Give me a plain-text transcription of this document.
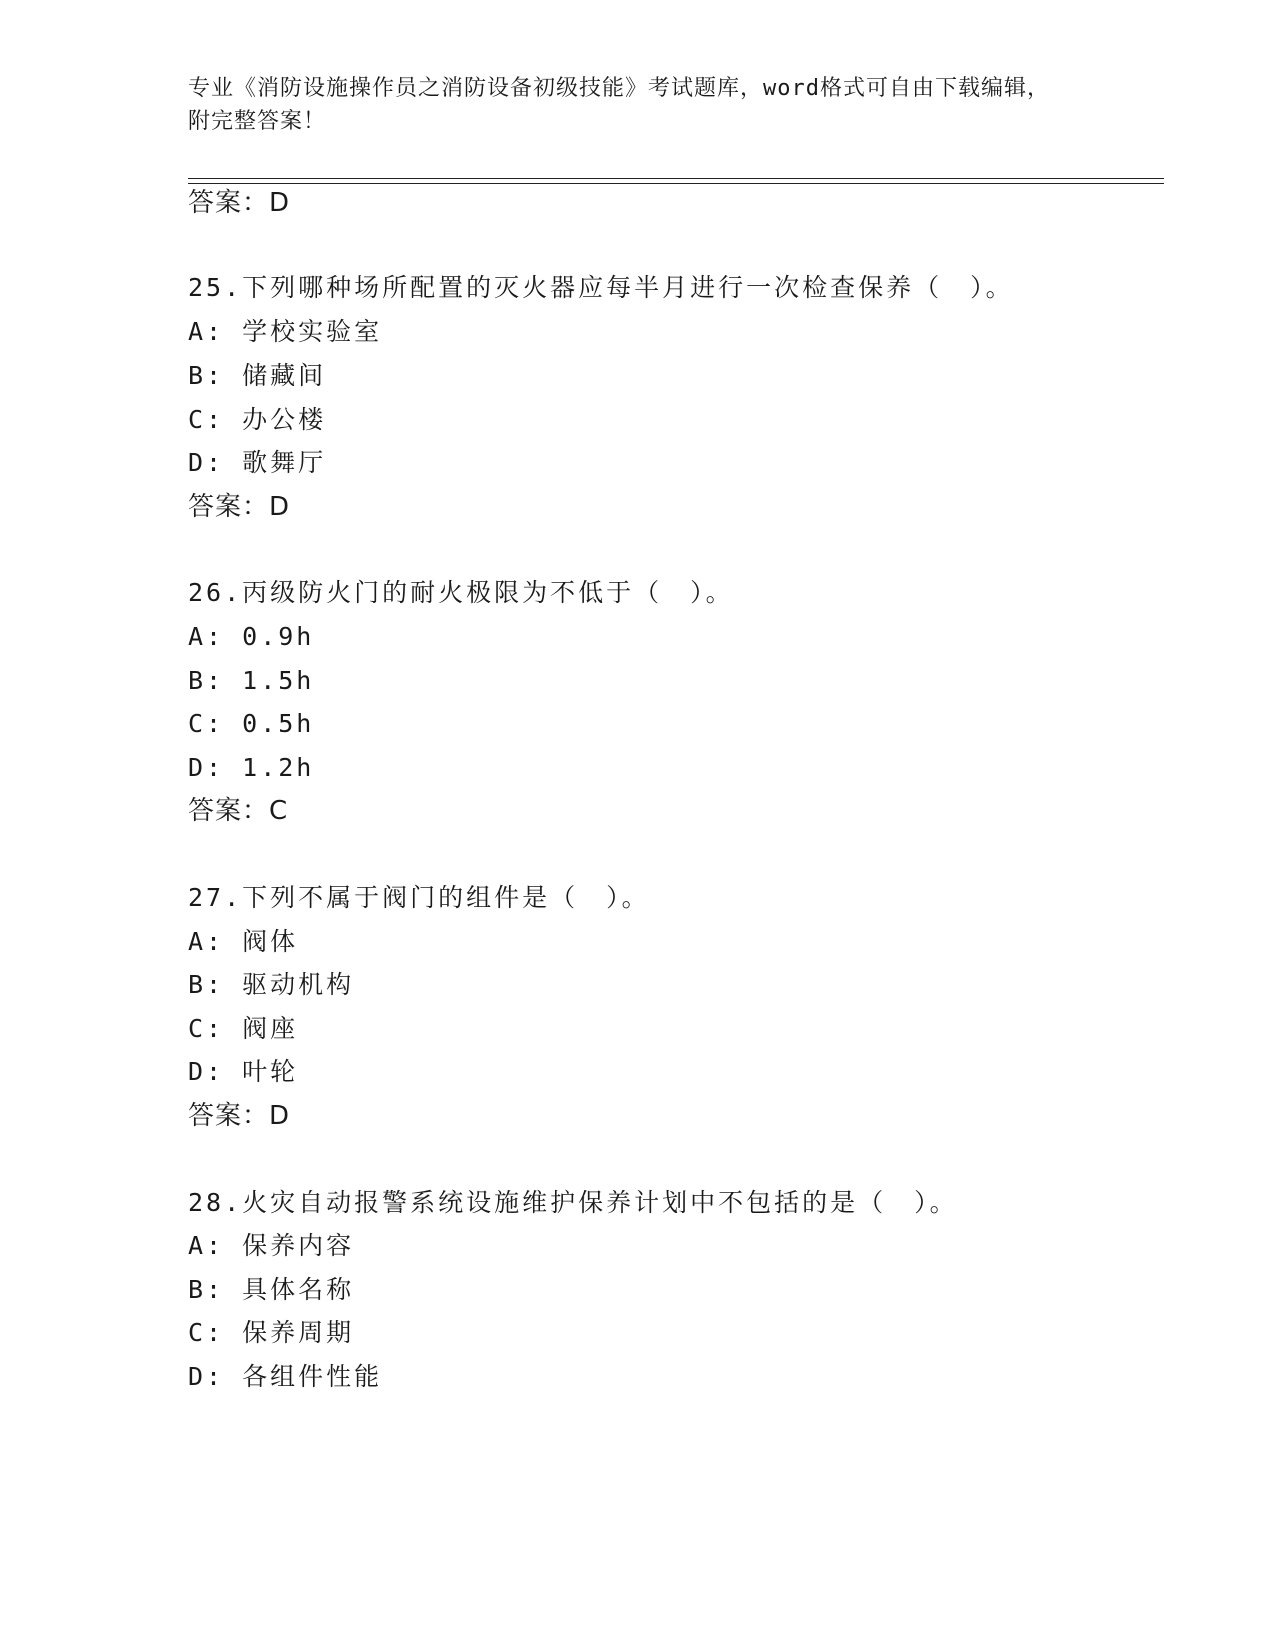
专业《消防设施操作员之消防设备初级技能》考试题库，word格式可自由下载编辑，附完整答案！
答案：D
25.下列哪种场所配置的灭火器应每半月进行一次检查保养（　）。
A: 学校实验室
B: 储藏间
C: 办公楼
D: 歌舞厅
答案：D
26.丙级防火门的耐火极限为不低于（　）。
A: 0.9h
B: 1.5h
C: 0.5h
D: 1.2h
答案：C
27.下列不属于阀门的组件是（　）。
A: 阀体
B: 驱动机构
C: 阀座
D: 叶轮
答案：D
28.火灾自动报警系统设施维护保养计划中不包括的是（　）。
A: 保养内容
B: 具体名称
C: 保养周期
D: 各组件性能
